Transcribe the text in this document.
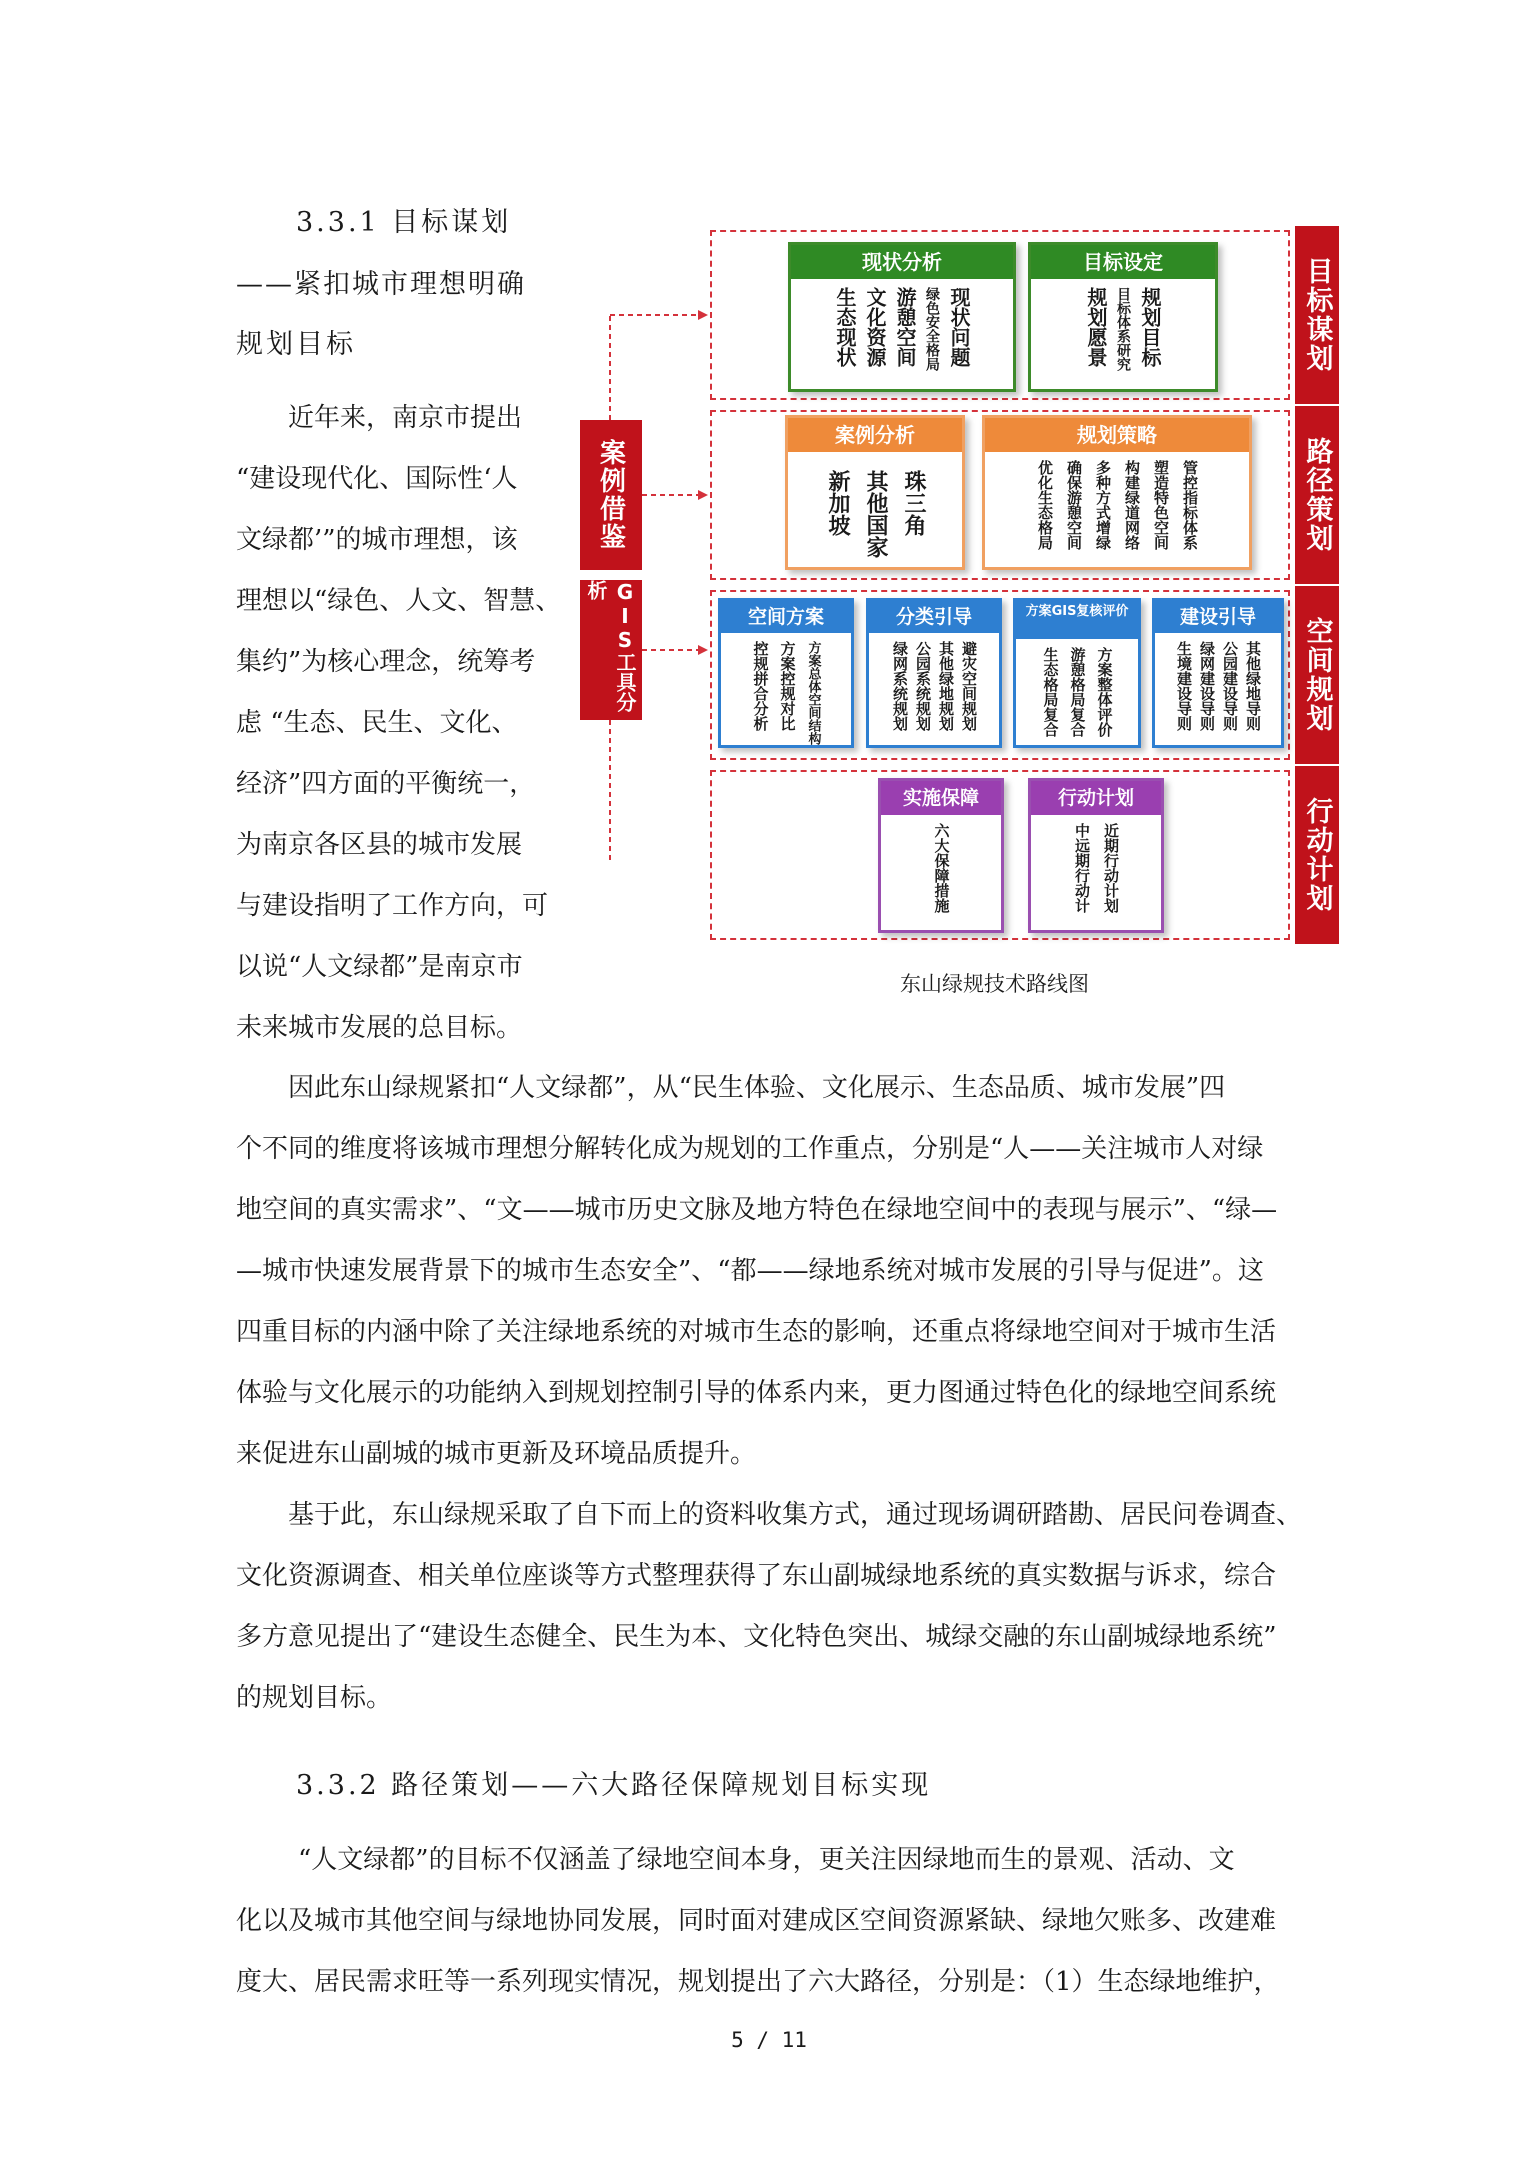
3.3.1 目标谋划
——紧扣城市理想明确
规划目标
近年来，南京市提出
“建设现代化、国际性‘人
文绿都’”的城市理想，该
理想以“绿色、人文、智慧、
集约”为核心理念，统筹考
虑 “生态、民生、文化、
经济”四方面的平衡统一，
为南京各区县的城市发展
与建设指明了工作方向，可
以说“人文绿都”是南京市
未来城市发展的总目标。
目标谋划
路径策划
空间规划
行动计划
案例借鉴
GIS工具分析
现状分析
现状问题
绿色安全格局
游憩空间
文化资源
生态现状
目标设定
规划目标
目标体系研究
规划愿景
案例分析
珠三角
其他国家
新加坡
规划策略
管控指标体系
塑造特色空间
构建绿道网络
多种方式增绿
确保游憩空间
优化生态格局
空间方案
方案总体空间结构
方案控规对比
控规拼合分析
分类引导
避灾空间规划
其他绿地规划
公园系统规划
绿网系统规划
方案GIS复核评价
方案整体评价
游憩格局复合
生态格局复合
建设引导
其他绿地导则
公园建设导则
绿网建设导则
生境建设导则
实施保障
六大保障措施
行动计划
近期行动计划
中远期行动计
东山绿规技术路线图
因此东山绿规紧扣“人文绿都”，从“民生体验、文化展示、生态品质、城市发展”四
个不同的维度将该城市理想分解转化成为规划的工作重点，分别是“人——关注城市人对绿
地空间的真实需求”、“文——城市历史文脉及地方特色在绿地空间中的表现与展示”、“绿—
—城市快速发展背景下的城市生态安全”、“都——绿地系统对城市发展的引导与促进”。这
四重目标的内涵中除了关注绿地系统的对城市生态的影响，还重点将绿地空间对于城市生活
体验与文化展示的功能纳入到规划控制引导的体系内来，更力图通过特色化的绿地空间系统
来促进东山副城的城市更新及环境品质提升。
基于此，东山绿规采取了自下而上的资料收集方式，通过现场调研踏勘、居民问卷调查、
文化资源调查、相关单位座谈等方式整理获得了东山副城绿地系统的真实数据与诉求，综合
多方意见提出了“建设生态健全、民生为本、文化特色突出、城绿交融的东山副城绿地系统”
的规划目标。
3.3.2 路径策划——六大路径保障规划目标实现
“人文绿都”的目标不仅涵盖了绿地空间本身，更关注因绿地而生的景观、活动、文
化以及城市其他空间与绿地协同发展，同时面对建成区空间资源紧缺、绿地欠账多、改建难
度大、居民需求旺等一系列现实情况，规划提出了六大路径，分别是：（1）生态绿地维护，
5 / 11
